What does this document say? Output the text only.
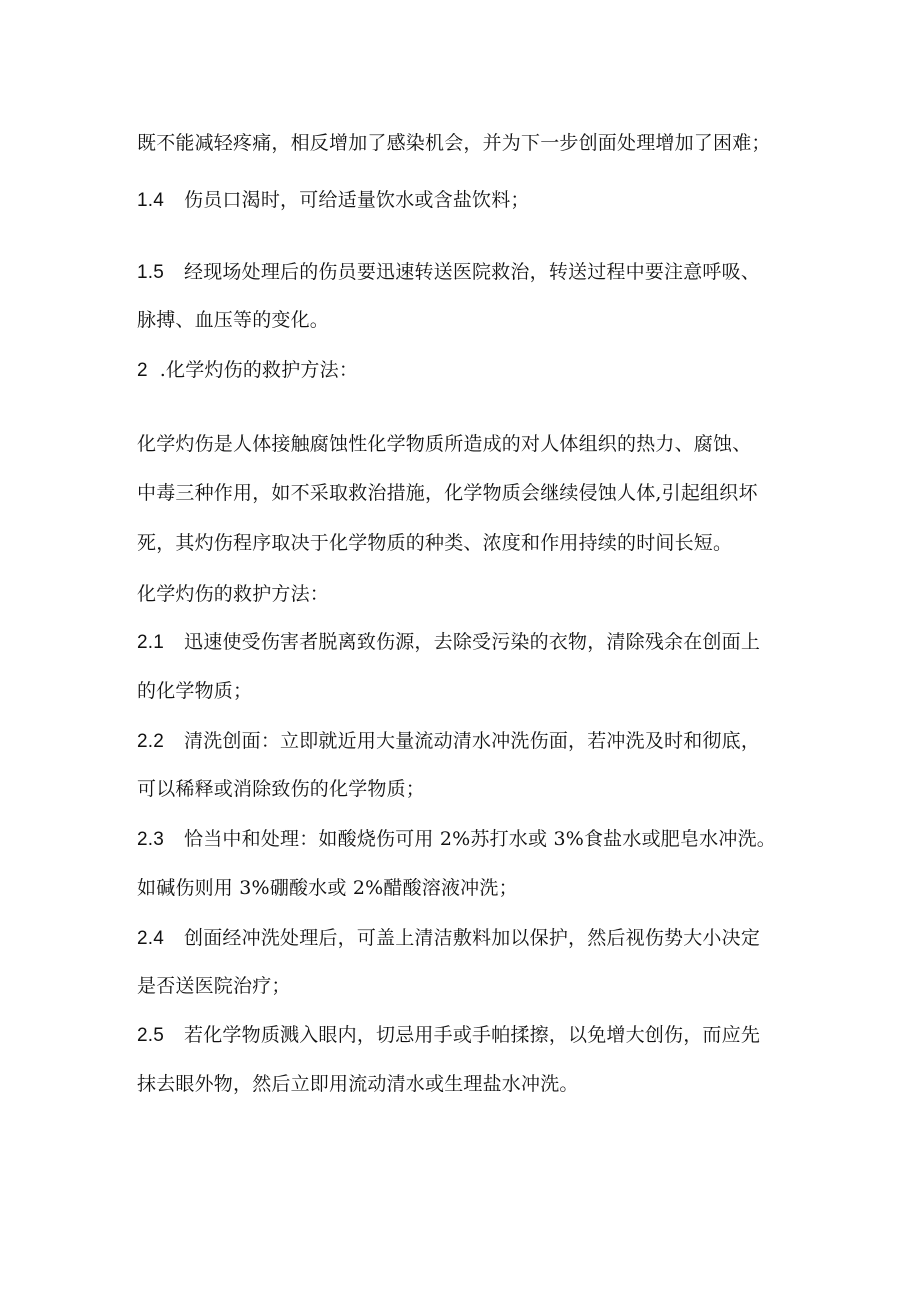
既不能减轻疼痛，相反增加了感染机会，并为下一步创面处理增加了困难；
1.4 伤员口渴时，可给适量饮水或含盐饮料；
1.5 经现场处理后的伤员要迅速转送医院救治，转送过程中要注意呼吸、
脉搏、血压等的变化。
2 .化学灼伤的救护方法：
化学灼伤是人体接触腐蚀性化学物质所造成的对人体组织的热力、腐蚀、
中毒三种作用，如不采取救治措施，化学物质会继续侵蚀人体,引起组织坏
死，其灼伤程序取决于化学物质的种类、浓度和作用持续的时间长短。
化学灼伤的救护方法：
2.1 迅速使受伤害者脱离致伤源，去除受污染的衣物，清除残余在创面上
的化学物质；
2.2 清洗创面：立即就近用大量流动清水冲洗伤面，若冲洗及时和彻底，
可以稀释或消除致伤的化学物质；
2.3 恰当中和处理：如酸烧伤可用 2%苏打水或 3%食盐水或肥皂水冲洗。
如碱伤则用 3%硼酸水或 2%醋酸溶液冲洗；
2.4 创面经冲洗处理后，可盖上清洁敷料加以保护，然后视伤势大小决定
是否送医院治疗；
2.5 若化学物质溅入眼内，切忌用手或手帕揉擦，以免增大创伤，而应先
抹去眼外物，然后立即用流动清水或生理盐水冲洗。
